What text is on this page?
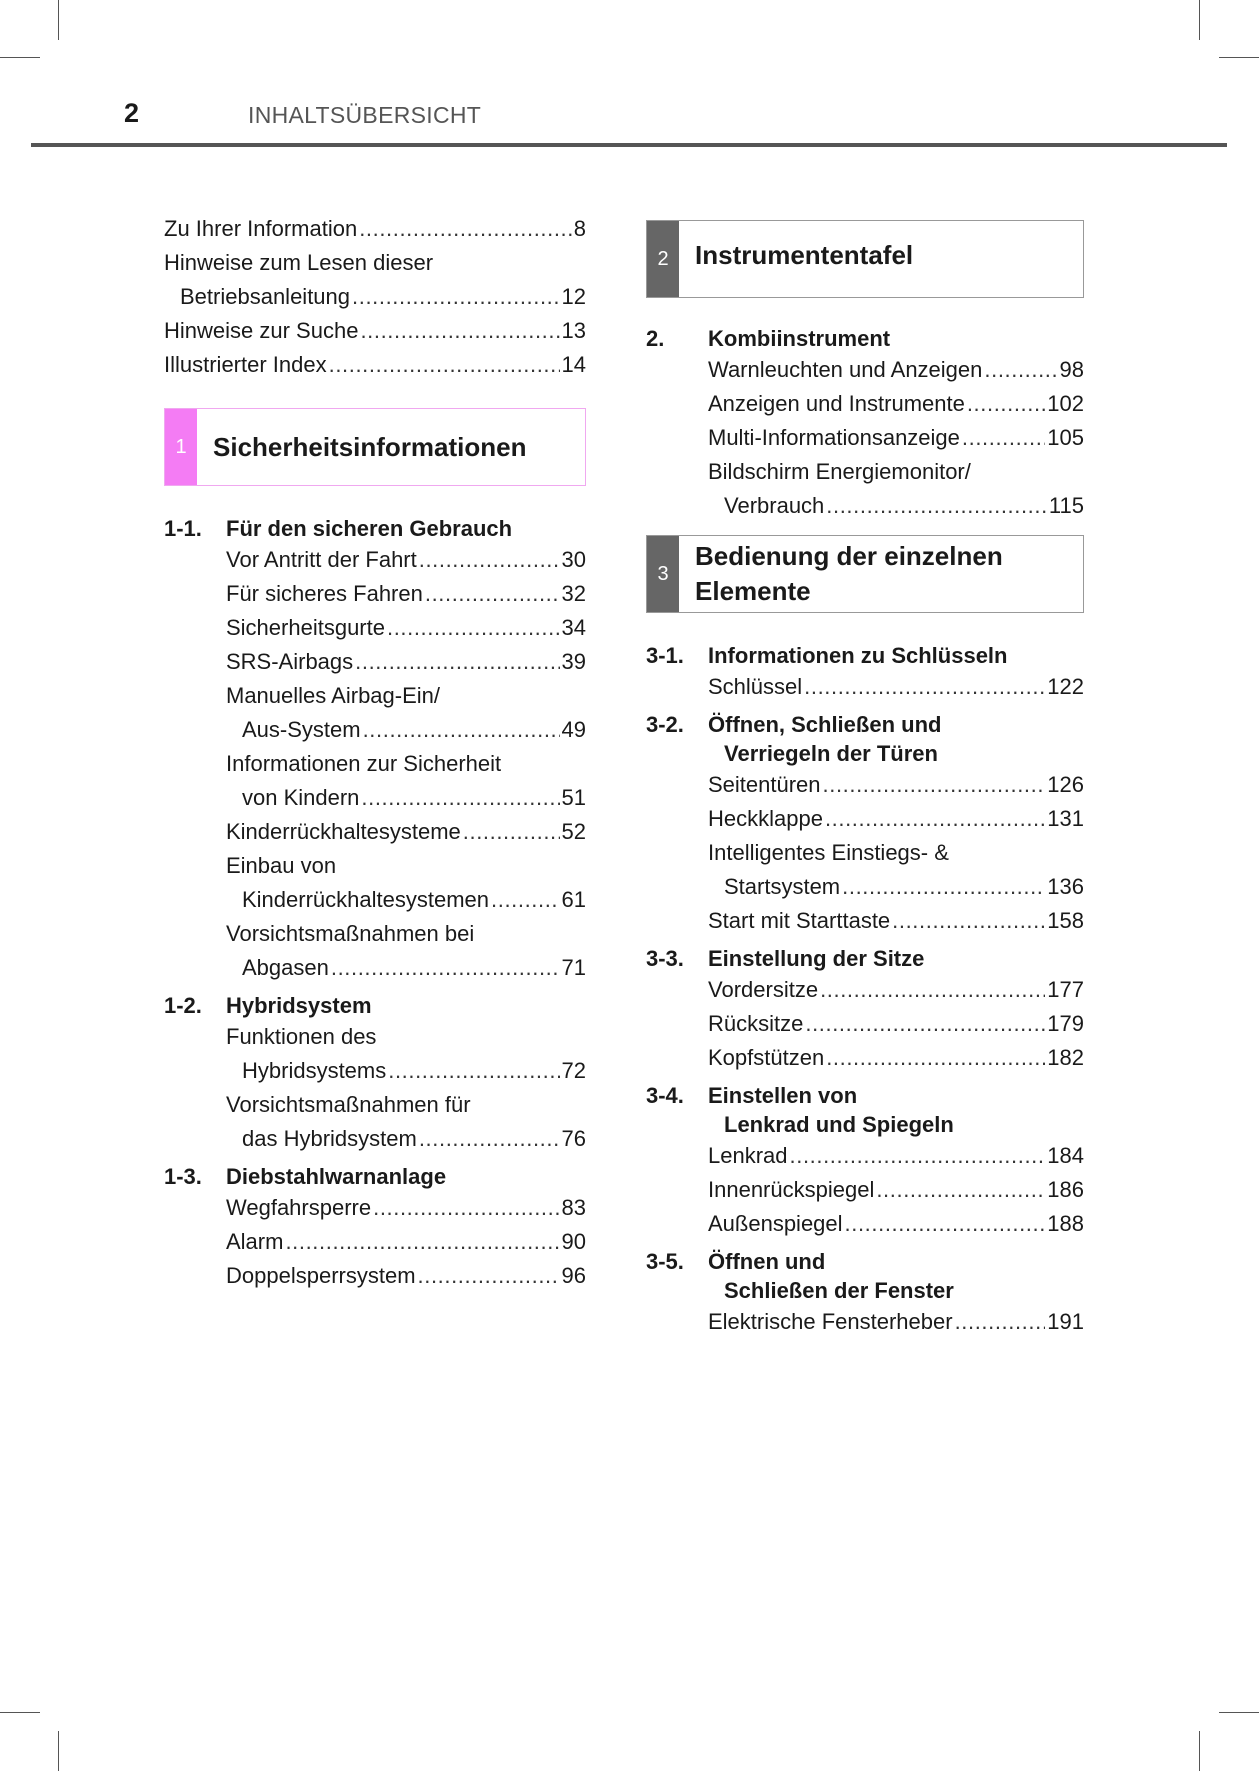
2	INHALTSÜBERSICHT
Zu Ihrer Information .....	8
Hinweise zum Lesen dieser
Betriebsanleitung .....	12
Hinweise zur Suche .....	13
Illustrierter Index .....	14
1	Sicherheitsinformationen
1-1.	Für den sicheren Gebrauch
Vor Antritt der Fahrt .....	30
Für sicheres Fahren .....	32
Sicherheitsgurte .....	34
SRS-Airbags .....	39
Manuelles Airbag-Ein/
Aus-System .....	49
Informationen zur Sicherheit
von Kindern .....	51
Kinderrückhaltesysteme .....	52
Einbau von
Kinderrückhaltesystemen .....	61
Vorsichtsmaßnahmen bei
Abgasen .....	71
1-2.	Hybridsystem
Funktionen des
Hybridsystems .....	72
Vorsichtsmaßnahmen für
das Hybridsystem .....	76
1-3.	Diebstahlwarnanlage
Wegfahrsperre .....	83
Alarm .....	90
Doppelsperrsystem .....	96
2	Instrumententafel
2.	Kombiinstrument
Warnleuchten und Anzeigen .....	98
Anzeigen und Instrumente .....	102
Multi-Informationsanzeige .....	105
Bildschirm Energiemonitor/
Verbrauch .....	115
3
Bedienung der einzelnen
Elemente
3-1.	Informationen zu Schlüsseln
Schlüssel .....	122
3-2.	Öffnen, Schließen und
Verriegeln der Türen
Seitentüren .....	126
Heckklappe .....	131
Intelligentes Einstiegs- &
Startsystem .....	136
Start mit Starttaste .....	158
3-3.	Einstellung der Sitze
Vordersitze .....	177
Rücksitze .....	179
Kopfstützen .....	182
3-4.	Einstellen von
Lenkrad und Spiegeln
Lenkrad .....	184
Innenrückspiegel .....	186
Außenspiegel .....	188
3-5.	Öffnen und
Schließen der Fenster
Elektrische Fensterheber .....	191
